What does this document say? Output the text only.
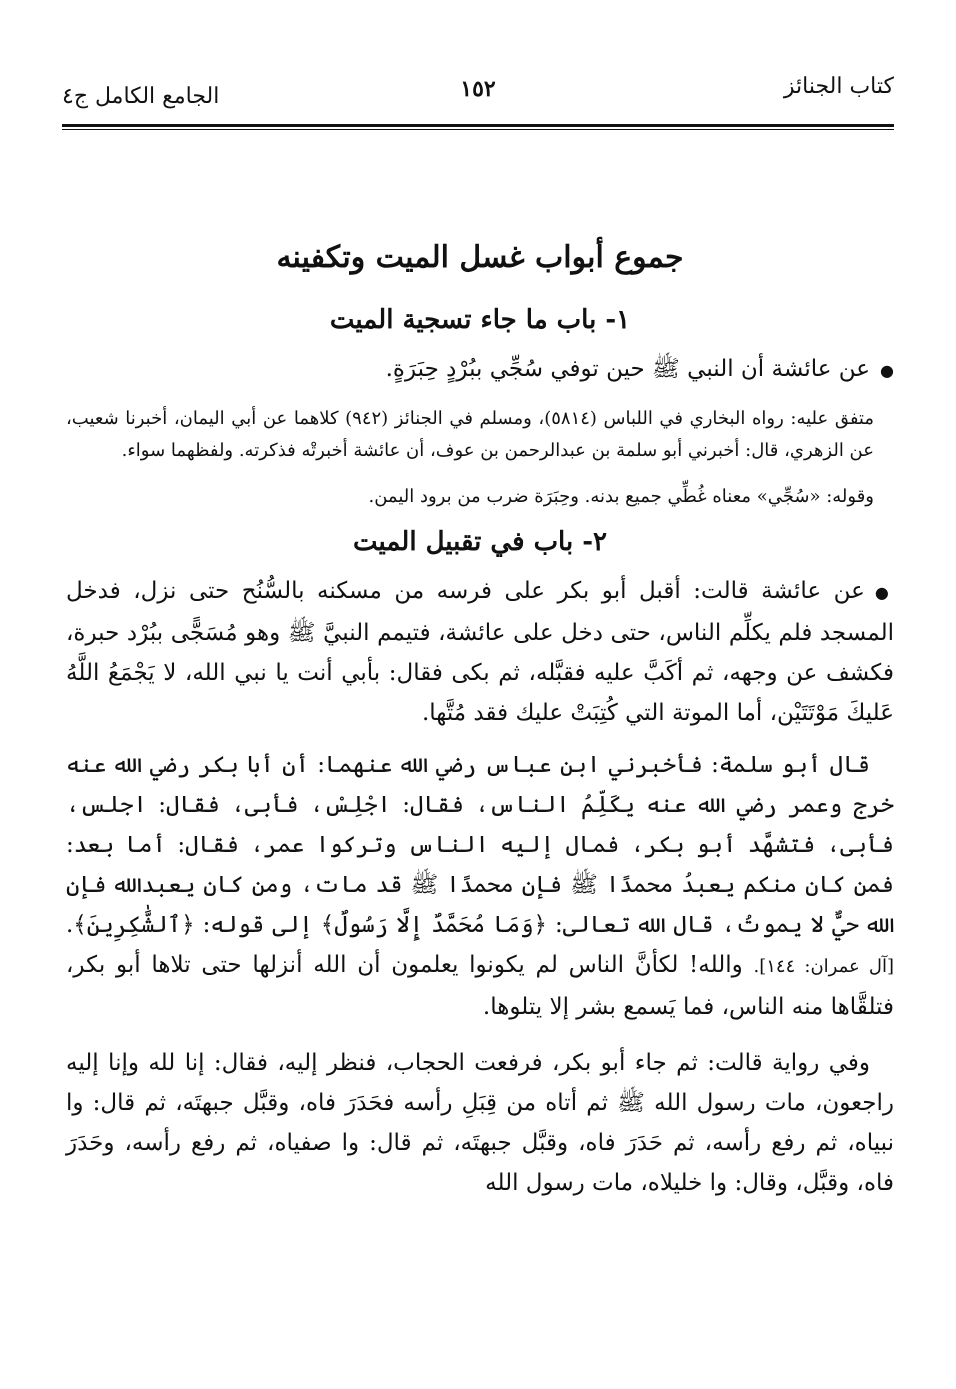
كتاب الجنائز
١٥٢
الجامع الكامل ج٤
جموع أبواب غسل الميت وتكفينه
١- باب ما جاء تسجية الميت

●عن عائشة أن النبي ﷺ حين توفي سُجِّي ببُرْدٍ حِبَرَةٍ.

متفق عليه: رواه البخاري في اللباس (٥٨١٤)، ومسلم في الجنائز (٩٤٢) كلاهما عن أبي اليمان، أخبرنا شعيب، عن الزهري، قال: أخبرني أبو سلمة بن عبدالرحمن بن عوف، أن عائشة أخبرتْه فذكرته. ولفظهما سواء.

وقوله: «سُجِّي» معناه غُطِّي جميع بدنه. وحِبَرَة ضرب من برود اليمن.

٢- باب في تقبيل الميت

●عن عائشة قالت: أقبل أبو بكر على فرسه من مسكنه بالسُّنُح حتى نزل، فدخل المسجد فلم يكلِّم الناس، حتى دخل على عائشة، فتيمم النبيَّ ﷺ وهو مُسَجًّى ببُرْد حبرة، فكشف عن وجهه، ثم أكَبَّ عليه فقبَّله، ثم بكى فقال: بأبي أنت يا نبي الله، لا يَجْمَعُ اللَّهُ عَليكَ مَوْتَتَيْن، أما الموتة التي كُتِبَتْ عليك فقد مُتَّها.

قال أبو سلمة: فأخبرني ابن عباس رضي الله عنهما: أن أبا بكر رضي الله عنه خرج وعمر رضي الله عنه يكَلِّمُ الناس، فقال: اجْلِسْ، فأبى، فقال: اجلس، فأبى، فتشهَّد أبو بكر، فمال إليه الناس وتركوا عمر، فقال: أما بعد: فمن كان منكم يعبدُ محمدًا ﷺ فإن محمدًا ﷺ قد مات، ومن كان يعبدالله فإن الله حيٌّ لا يموتُ، قال الله تعالى: ﴿وَمَا مُحَمَّدٌ إِلَّا رَسُولٌ﴾ إلى قوله: ﴿ٱلشَّٰكِرِينَ﴾. [آل عمران: ١٤٤]. والله! لكأنَّ الناس لم يكونوا يعلمون أن الله أنزلها حتى تلاها أبو بكر، فتلقَّاها منه الناس، فما يَسمع بشر إلا يتلوها.

وفي رواية قالت: ثم جاء أبو بكر، فرفعت الحجاب، فنظر إليه، فقال: إنا لله وإنا إليه راجعون، مات رسول الله ﷺ ثم أتاه من قِبَلِ رأسه فحَدَرَ فاه، وقبَّل جبهتَه، ثم قال: وا نبياه، ثم رفع رأسه، ثم حَدَرَ فاه، وقبَّل جبهتَه، ثم قال: وا صفياه، ثم رفع رأسه، وحَدَرَ فاه، وقبَّل، وقال: وا خليلاه، مات رسول الله
